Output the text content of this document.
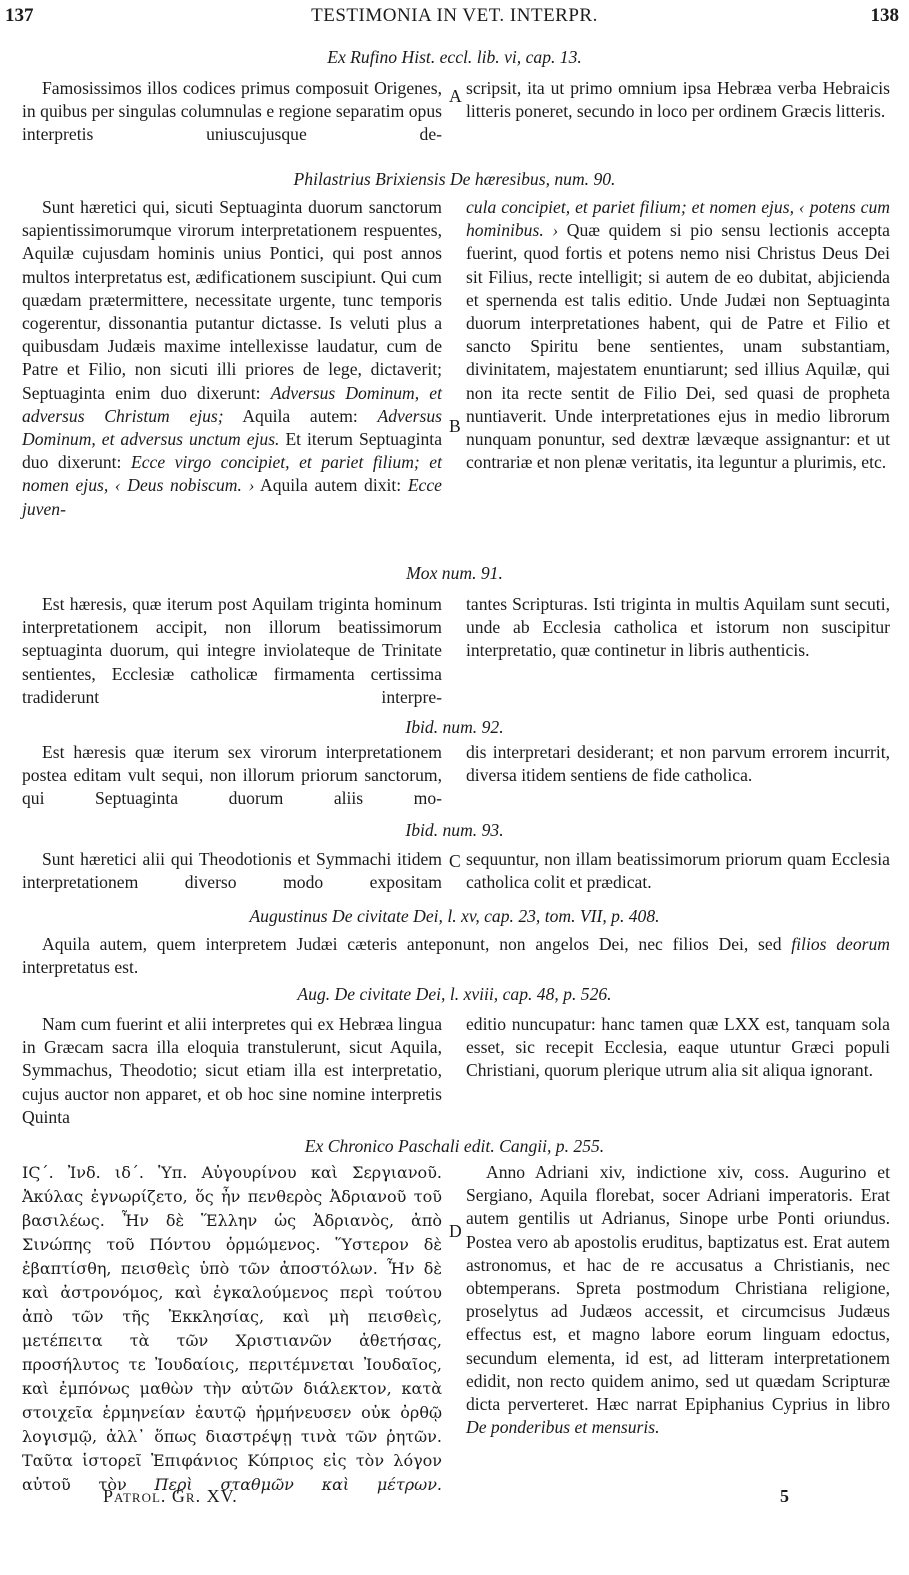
137	TESTIMONIA IN VET. INTERPR.	138
Ex Rufino Hist. eccl. lib. vi, cap. 13.
Famosissimos illos codices primus composuit Origenes, in quibus per singulas columnulas e regione separatim opus interpretis uniuscujusque de-
A scripsit, ita ut primo omnium ipsa Hebræa verba Hebraicis litteris poneret, secundo in loco per ordinem Græcis litteris.
Philastrius Brixiensis De hæresibus, num. 90.
Sunt hæretici qui, sicuti Septuaginta duorum sanctorum sapientissimorumque virorum interpretationem respuentes, Aquilæ cujusdam hominis unius Pontici, qui post annos multos interpretatus est, ædificationem suscipiunt. Qui cum quædam prætermittere, necessitate urgente, tunc temporis cogerentur, dissonantia putantur dictasse. Is veluti plus a quibusdam Judæis maxime intellexisse laudatur, cum de Patre et Filio, non sicuti illi priores de lege, dictaverit; Septuaginta enim duo dixerunt: Adversus Dominum, et adversus Christum ejus; Aquila autem: Adversus Dominum, et adversus unctum ejus. Et iterum Septuaginta duo dixerunt: Ecce virgo concipiet, et pariet filium; et nomen ejus, ‹ Deus nobiscum. › Aquila autem dixit: Ecce juven-
B
cula concipiet, et pariet filium; et nomen ejus, ‹ potens cum hominibus. › Quæ quidem si pio sensu lectionis accepta fuerint, quod fortis et potens nemo nisi Christus Deus Dei sit Filius, recte intelligit; si autem de eo dubitat, abjicienda et spernenda est talis editio. Unde Judæi non Septuaginta duorum interpretationes habent, qui de Patre et Filio et sancto Spiritu bene sentientes, unam substantiam, divinitatem, majestatem enuntiarunt; sed illius Aquilæ, qui non ita recte sentit de Filio Dei, sed quasi de propheta nuntiaverit. Unde interpretationes ejus in medio librorum nunquam ponuntur, sed dextræ lævæque assignantur: et ut contrariæ et non plenæ veritatis, ita leguntur a plurimis, etc.
Mox num. 91.
Est hæresis, quæ iterum post Aquilam triginta hominum interpretationem accipit, non illorum beatissimorum septuaginta duorum, qui integre inviolateque de Trinitate sentientes, Ecclesiæ catholicæ firmamenta certissima tradiderunt interpre-
tantes Scripturas. Isti triginta in multis Aquilam sunt secuti, unde ab Ecclesia catholica et istorum non suscipitur interpretatio, quæ continetur in libris authenticis.
Ibid. num. 92.
Est hæresis quæ iterum sex virorum interpretationem postea editam vult sequi, non illorum priorum sanctorum, qui Septuaginta duorum aliis mo-
dis interpretari desiderant; et non parvum errorem incurrit, diversa itidem sentiens de fide catholica.
Ibid. num. 93.
Sunt hæretici alii qui Theodotionis et Symmachi itidem interpretationem diverso modo expositam
C sequuntur, non illam beatissimorum priorum quam Ecclesia catholica colit et prædicat.
Augustinus De civitate Dei, l. xv, cap. 23, tom. VII, p. 408.
Aquila autem, quem interpretem Judæi cæteris anteponunt, non angelos Dei, nec filios Dei, sed filios deorum interpretatus est.
Aug. De civitate Dei, l. xviii, cap. 48, p. 526.
Nam cum fuerint et alii interpretes qui ex Hebræa lingua in Græcam sacra illa eloquia transtulerunt, sicut Aquila, Symmachus, Theodotio; sicut etiam illa est interpretatio, cujus auctor non apparet, et ob hoc sine nomine interpretis Quinta
editio nuncupatur: hanc tamen quæ LXX est, tanquam sola esset, sic recepit Ecclesia, eaque utuntur Græci populi Christiani, quorum plerique utrum alia sit aliqua ignorant.
Ex Chronico Paschali edit. Cangii, p. 255.
ΙϚ΄. Ἰνδ. ιδ΄. Ὑπ. Αὐγουρίνου καὶ Σεργιανοῦ. Ἀκύλας ἐγνωρίζετο, ὅς ἦν πενθερὸς Ἀδριανοῦ τοῦ βασιλέως. Ἦν δὲ Ἕλλην ὡς Ἀδριανὸς, ἀπὸ Σινώπης τοῦ Πόντου ὁρμώμενος. Ὕστερον δὲ ἐβαπτίσθη, πεισθεὶς ὑπὸ τῶν ἀποστόλων. Ἦν δὲ καὶ ἀστρονόμος, καὶ ἐγκαλούμενος περὶ τούτου ἀπὸ τῶν τῆς Ἐκκλησίας, καὶ μὴ πεισθεὶς, μετέπειτα τὰ τῶν Χριστιανῶν ἀθετήσας, προσήλυτος τε Ἰουδαίοις, περιτέμνεται Ἰουδαῖος, καὶ ἐμπόνως μαθὼν τὴν αὐτῶν διάλεκτον, κατὰ στοιχεῖα ἑρμηνείαν ἑαυτῷ ἡρμήνευσεν οὐκ ὀρθῷ λογισμῷ, ἀλλ᾽ ὅπως διαστρέψῃ τινὰ τῶν ῥητῶν. Ταῦτα ἱστορεῖ Ἐπιφάνιος Κύπριος εἰς τὸν λόγον αὐτοῦ τὸν Περὶ σταθμῶν καὶ μέτρων.
D
Anno Adriani xiv, indictione xiv, coss. Augurino et Sergiano, Aquila florebat, socer Adriani imperatoris. Erat autem gentilis ut Adrianus, Sinope urbe Ponti oriundus. Postea vero ab apostolis eruditus, baptizatus est. Erat autem astronomus, et hac de re accusatus a Christianis, nec obtemperans. Spreta postmodum Christiana religione, proselytus ad Judæos accessit, et circumcisus Judæus effectus est, et magno labore eorum linguam edoctus, secundum elementa, id est, ad litteram interpretationem edidit, non recto quidem animo, sed ut quædam Scripturæ dicta perverteret. Hæc narrat Epiphanius Cyprius in libro De ponderibus et mensuris.
Patrol. Gr. XV.	5
